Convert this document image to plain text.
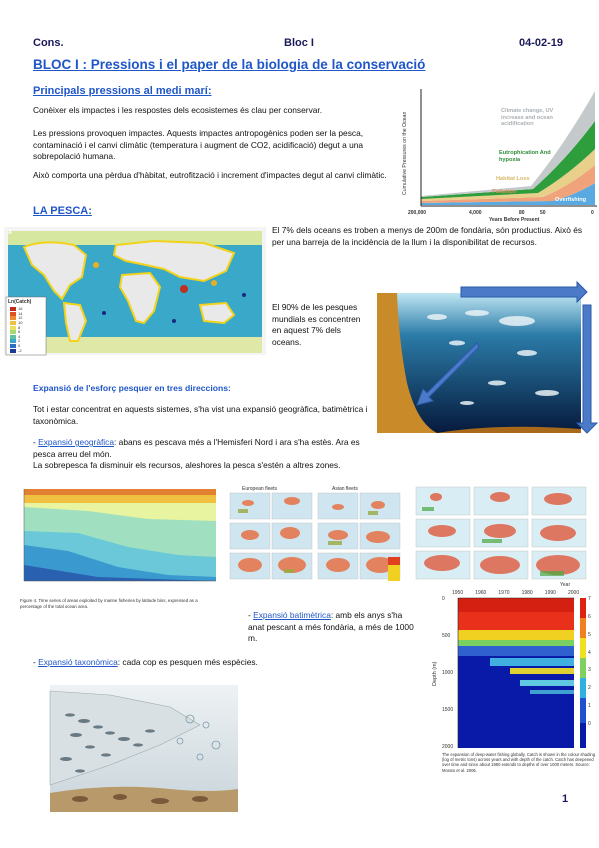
Cons.	Bloc I	04-02-19
BLOC I : Pressions i el paper de la biologia de la conservació
Principals pressions al medi marí:
Conèixer els impactes i les respostes dels ecosistemes és clau per conservar.
Les pressions provoquen impactes. Aquests impactes antropogènics poden ser la pesca, contaminació i el canvi climàtic (temperatura i augment de CO2, acidificació) degut a una sobrepolació humana.
Això comporta una pèrdua d'hàbitat, eutrofització i increment d'impactes degut al canvi climàtic.	Cumulative Pressures on the Ocean
Climate change, UV increase and ocean acidification
Eutrophication And hypoxia
Habitat Loss
Pollution
Overfishing
200,000	4,000	80	50	0
Years Before Present
LA PESCA:
A
Ln(Catch)
16
14
12
10
8
6
4
2
0
-2
El 7% dels oceans es troben a menys de 200m de fondària, són productius. Això és per una barreja de la incidència de la llum i la disponibilitat de recursos.
El 90% de les pesques mundials es concentren en aquest 7% dels oceans.
Expansió de l'esforç pesquer en tres direccions:
Tot i estar concentrat en aquests sistemes, s'ha vist una expansió geogràfica, batimètrica i taxonòmica.
- Expansió geogràfica: abans es pescava més a l'Hemisferi Nord i ara s'ha estès. Ara es pesca arreu del món.
La sobrepesca fa disminuir els recursos, aleshores la pesca s'estén a altres zones.
Figure 4. Time series of areas exploited by marine fisheries by latitude bins, expressed as a percentage of the total ocean area.
European fleets	Asian fleets
Year
- Expansió batimètrica: amb els anys s'ha anat pescant a més fondària, a més de 1000 m.
1950 1960 1970 1980 1990 2000
0
500
1000
1500
2000
7
6
5
4
3
2
1
0
Depth (m)
The expansion of deep-water fishing globally. Catch is shown in the colour shading (log of metric tons) across years and with depth of the catch. Catch has deepened over time and since about 1960 extends to depths of over 1000 meters. Source: Morato et al. 2006.
- Expansió taxonòmica: cada cop es pesquen més espècies.
1
